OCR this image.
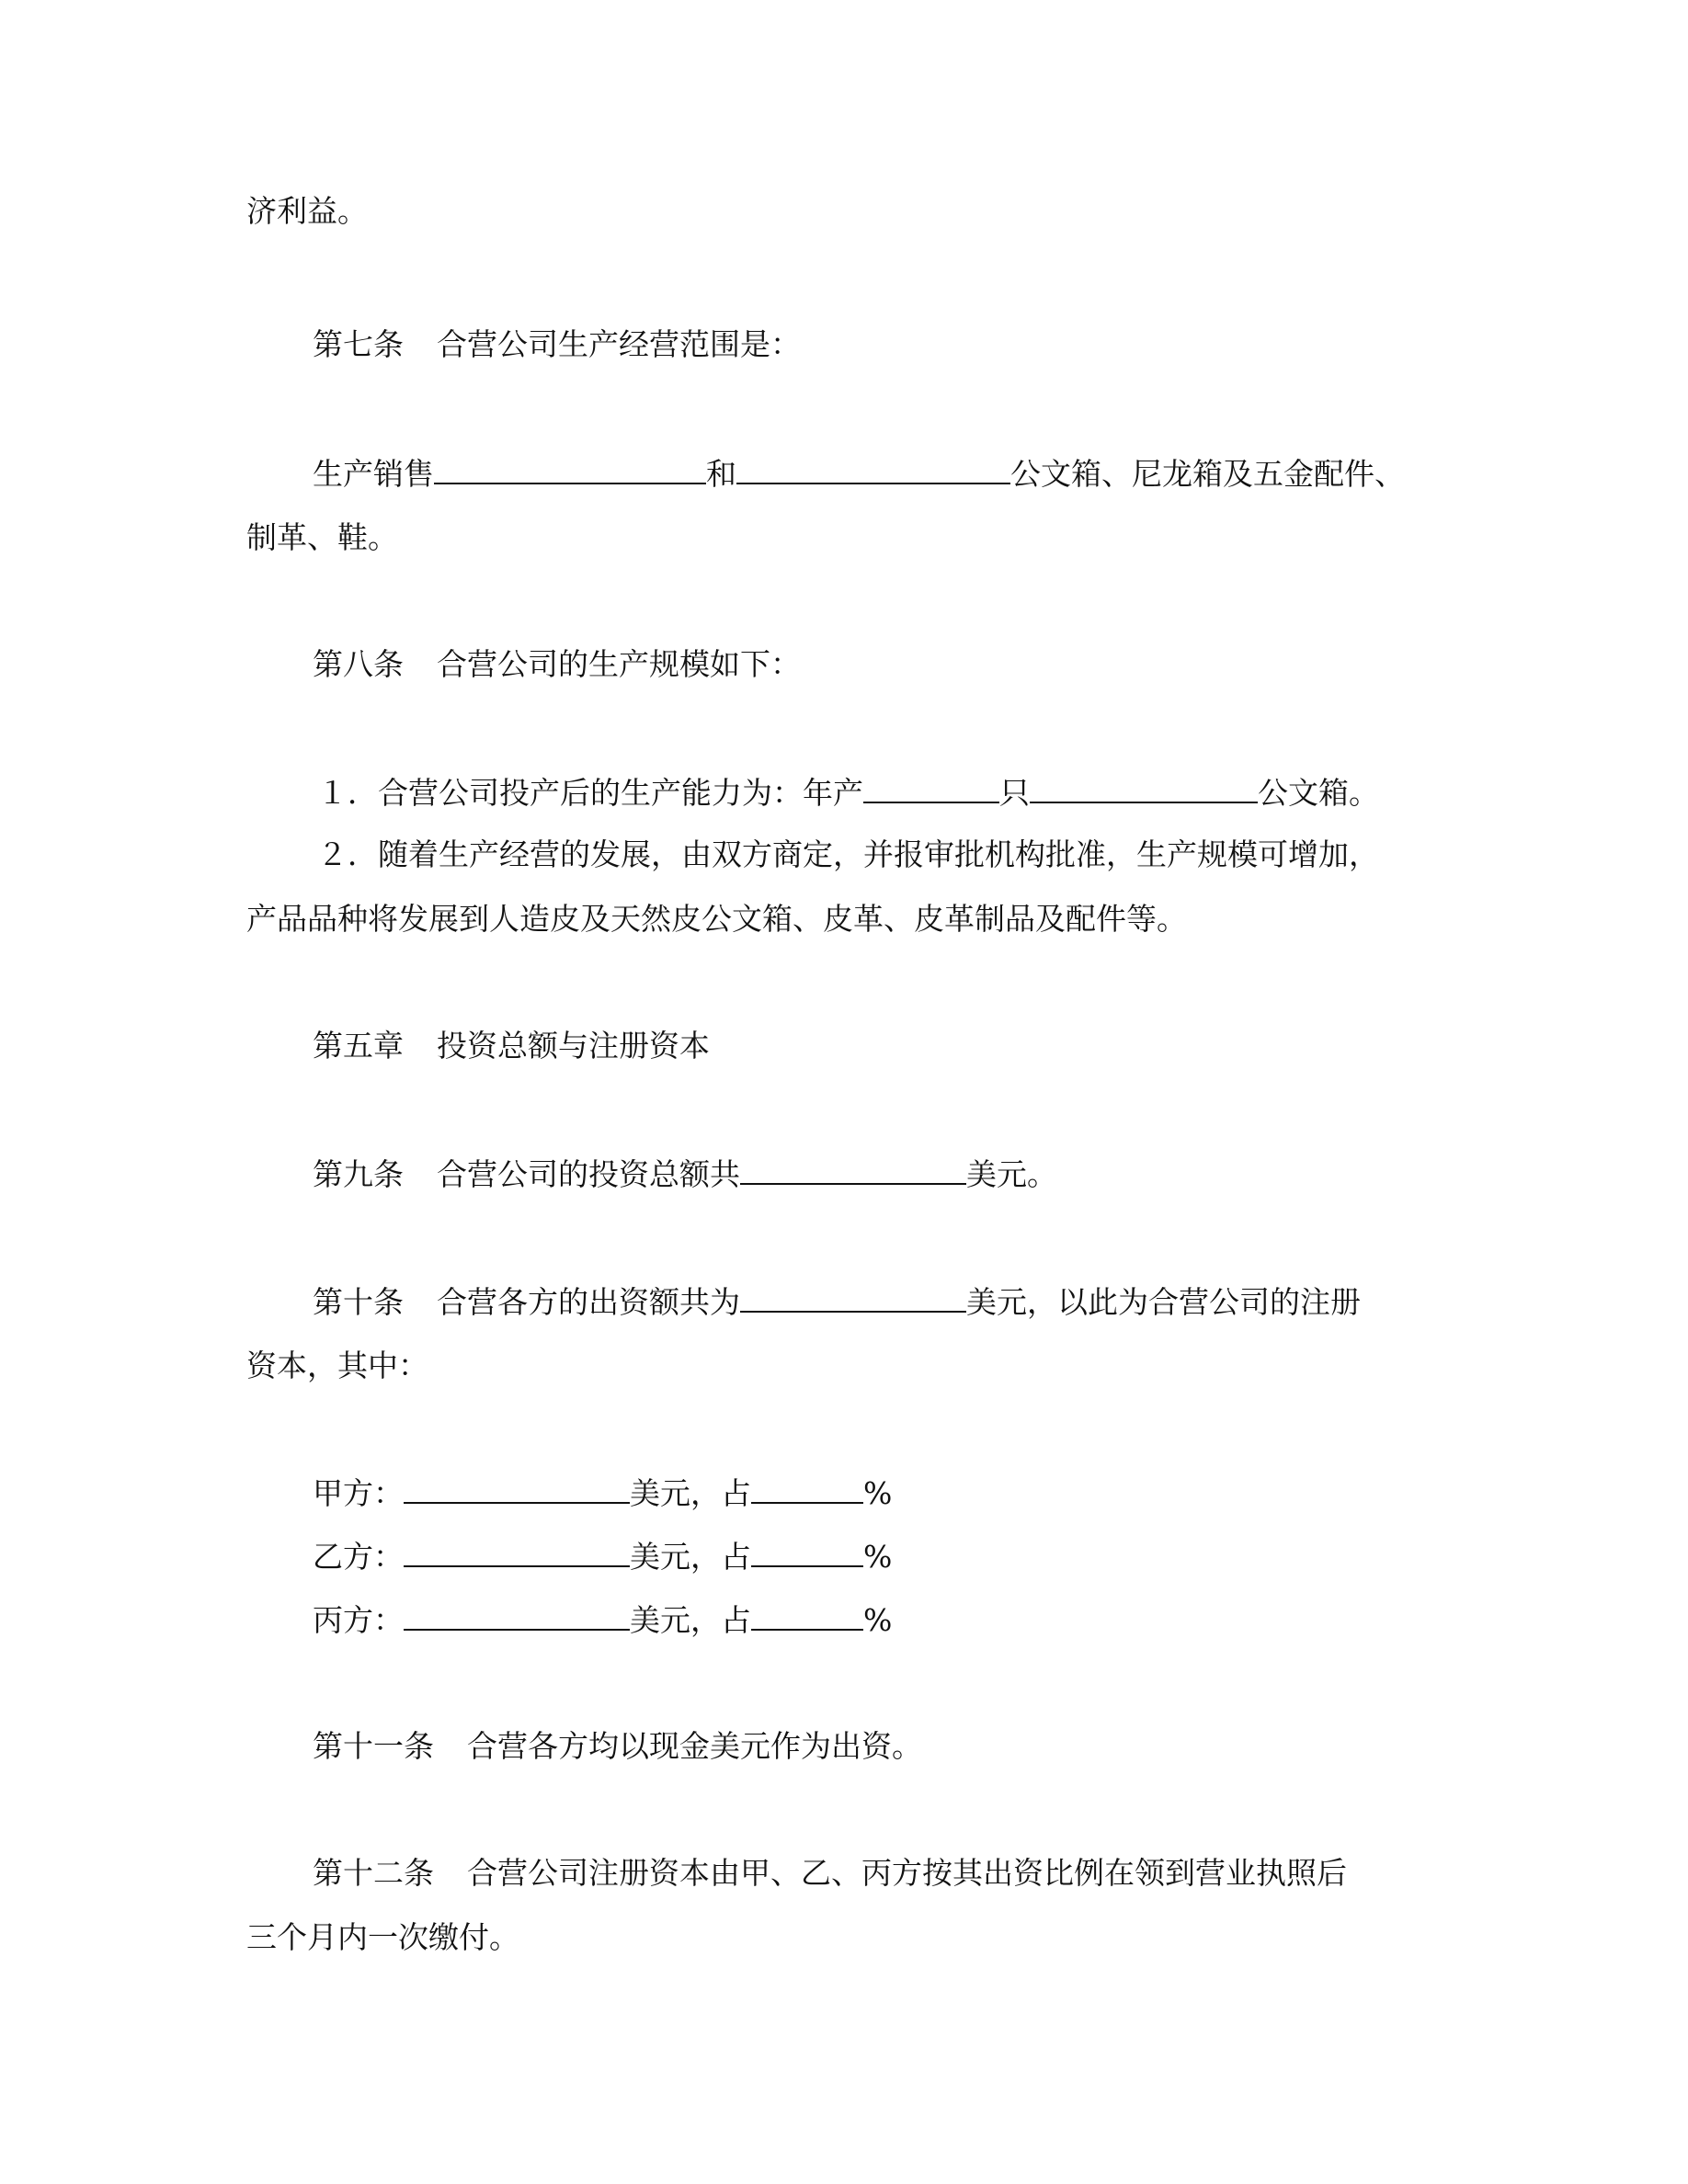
济利益。
第七条 合营公司生产经营范围是：
生产销售	和	公文箱、尼龙箱及五金配件、
制革、鞋。
第八条 合营公司的生产规模如下：
１．合营公司投产后的生产能力为：年产	只	公文箱。
２．随着生产经营的发展，由双方商定，并报审批机构批准，生产规模可增加，
产品品种将发展到人造皮及天然皮公文箱、皮革、皮革制品及配件等。
第五章 投资总额与注册资本
第九条 合营公司的投资总额共	美元。
第十条 合营各方的出资额共为	美元，以此为合营公司的注册
资本，其中：
甲方：	美元，占	%
乙方：	美元，占	%
丙方：	美元，占	%
第十一条 合营各方均以现金美元作为出资。
第十二条 合营公司注册资本由甲、乙、丙方按其出资比例在领到营业执照后
三个月内一次缴付。
